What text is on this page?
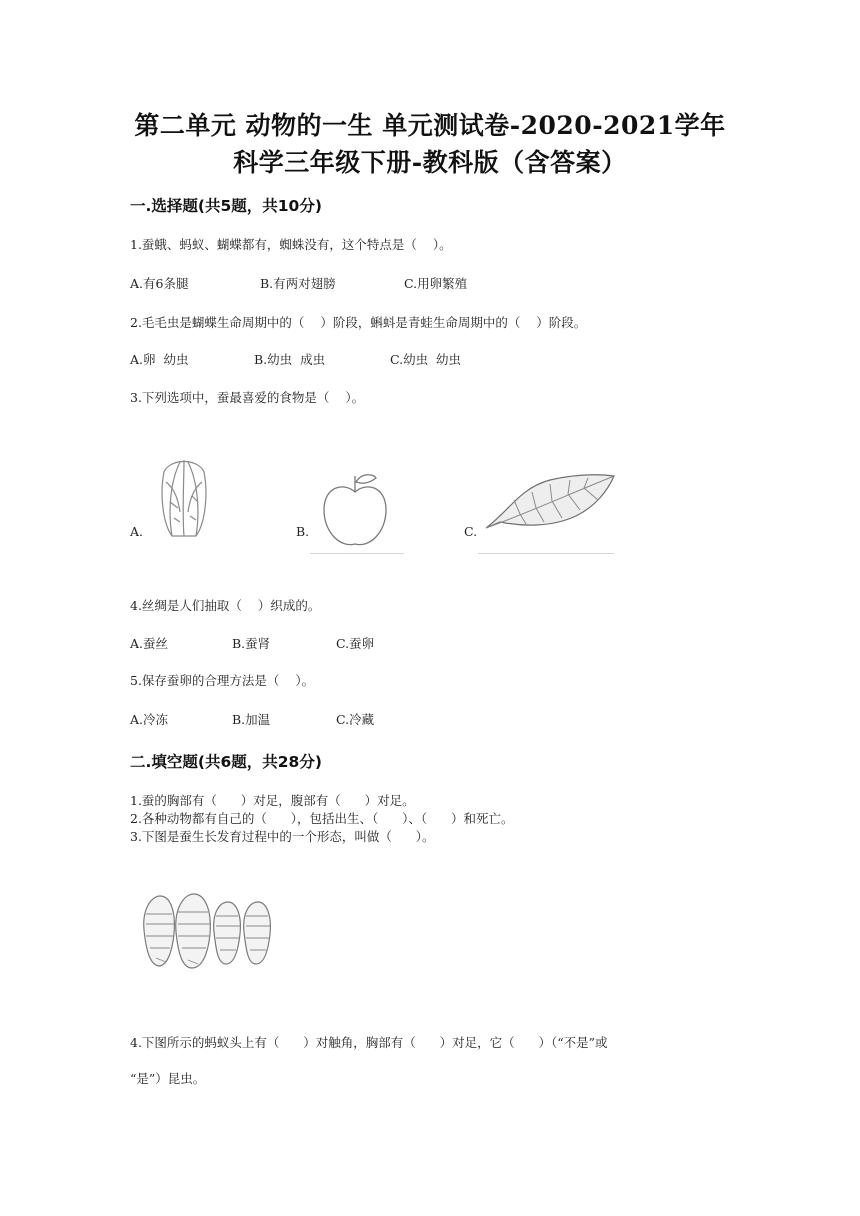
第二单元 动物的一生 单元测试卷-2020-2021学年
科学三年级下册-教科版（含答案）
一.选择题(共5题，共10分)
1.蚕蛾、蚂蚁、蝴蝶都有，蜘蛛没有，这个特点是（    ）。
A.有6条腿	B.有两对翅膀	C.用卵繁殖
2.毛毛虫是蝴蝶生命周期中的（    ）阶段，蝌蚪是青蛙生命周期中的（    ）阶段。
A.卵  幼虫	B.幼虫  成虫	C.幼虫  幼虫
3.下列选项中，蚕最喜爱的食物是（    ）。
A.	B.	C.
4.丝绸是人们抽取（    ）织成的。
A.蚕丝	B.蚕肾	C.蚕卵
5.保存蚕卵的合理方法是（    ）。
A.冷冻	B.加温	C.冷藏
二.填空题(共6题，共28分)
1.蚕的胸部有（      ）对足，腹部有（      ）对足。
2.各种动物都有自己的（      ），包括出生、（      ）、（      ）和死亡。
3.下图是蚕生长发育过程中的一个形态，叫做（      ）。
4.下图所示的蚂蚁头上有（      ）对触角，胸部有（      ）对足，它（      ）（“不是”或
“是”）昆虫。
